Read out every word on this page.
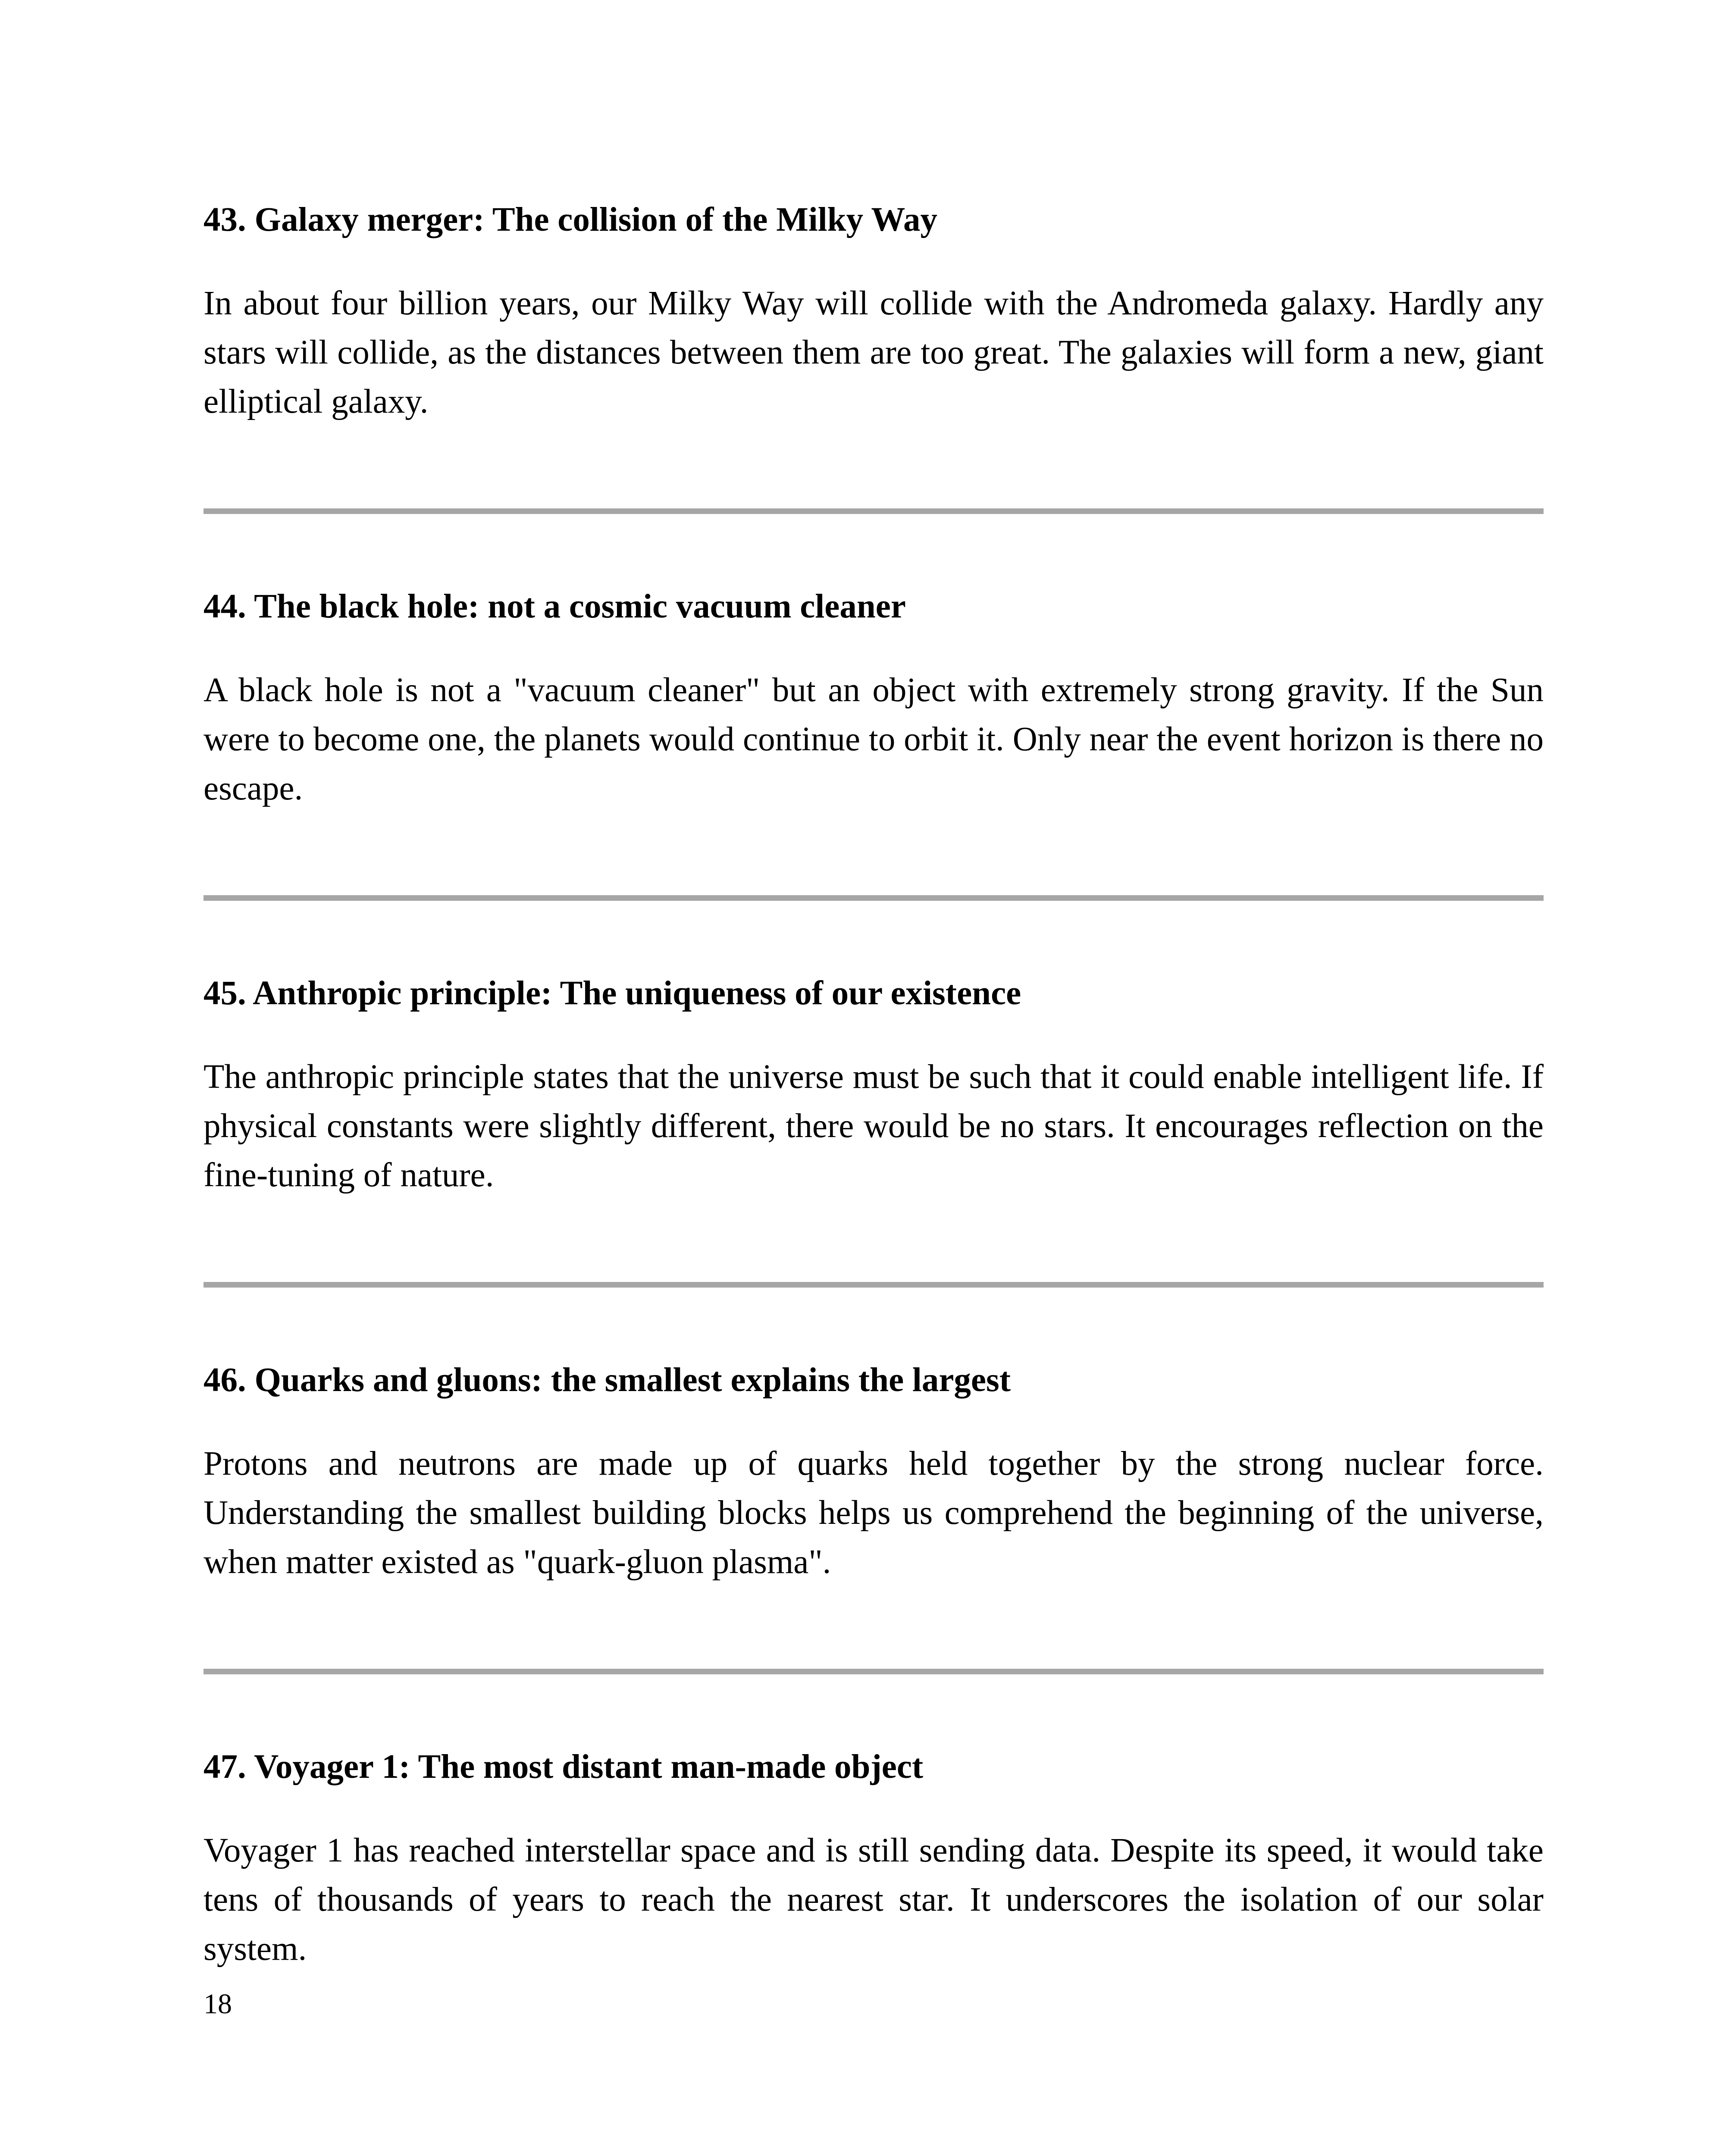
43. Galaxy merger: The collision of the Milky Way

In about four billion years, our Milky Way will collide with the Andromeda galaxy. Hardly any stars will collide, as the distances between them are too great. The galaxies will form a new, giant elliptical galaxy.

44. The black hole: not a cosmic vacuum cleaner

A black hole is not a "vacuum cleaner" but an object with extremely strong gravity. If the Sun were to become one, the planets would continue to orbit it. Only near the event horizon is there no escape.

45. Anthropic principle: The uniqueness of our existence

The anthropic principle states that the universe must be such that it could enable intelligent life. If physical constants were slightly different, there would be no stars. It encourages reflection on the fine-tuning of nature.

46. Quarks and gluons: the smallest explains the largest

Protons and neutrons are made up of quarks held together by the strong nuclear force. Understanding the smallest building blocks helps us comprehend the beginning of the universe, when matter existed as "quark-gluon plasma".

47. Voyager 1: The most distant man-made object

Voyager 1 has reached interstellar space and is still sending data. Despite its speed, it would take tens of thousands of years to reach the nearest star. It underscores the isolation of our solar system.

18
